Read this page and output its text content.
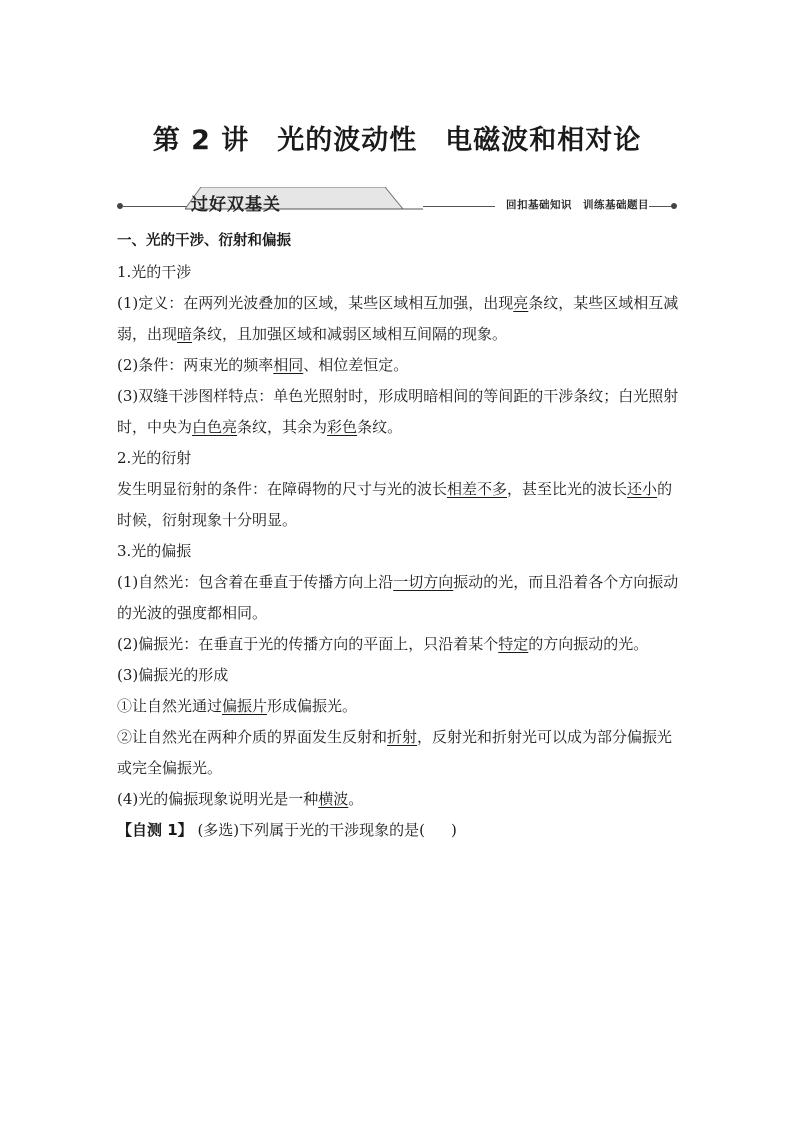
第 2 讲 光的波动性 电磁波和相对论
过好双基关	回扣基础知识　训练基础题目

一、光的干涉、衍射和偏振

1.光的干涉

(1)定义：在两列光波叠加的区域，某些区域相互加强，出现亮条纹，某些区域相互减弱，出现暗条纹，且加强区域和减弱区域相互间隔的现象。

(2)条件：两束光的频率相同、相位差恒定。

(3)双缝干涉图样特点：单色光照射时，形成明暗相间的等间距的干涉条纹；白光照射时，中央为白色亮条纹，其余为彩色条纹。

2.光的衍射

发生明显衍射的条件：在障碍物的尺寸与光的波长相差不多，甚至比光的波长还小的时候，衍射现象十分明显。

3.光的偏振

(1)自然光：包含着在垂直于传播方向上沿一切方向振动的光，而且沿着各个方向振动的光波的强度都相同。

(2)偏振光：在垂直于光的传播方向的平面上，只沿着某个特定的方向振动的光。

(3)偏振光的形成

①让自然光通过偏振片形成偏振光。

②让自然光在两种介质的界面发生反射和折射，反射光和折射光可以成为部分偏振光或完全偏振光。

(4)光的偏振现象说明光是一种横波。

【自测 1】 (多选)下列属于光的干涉现象的是( )
